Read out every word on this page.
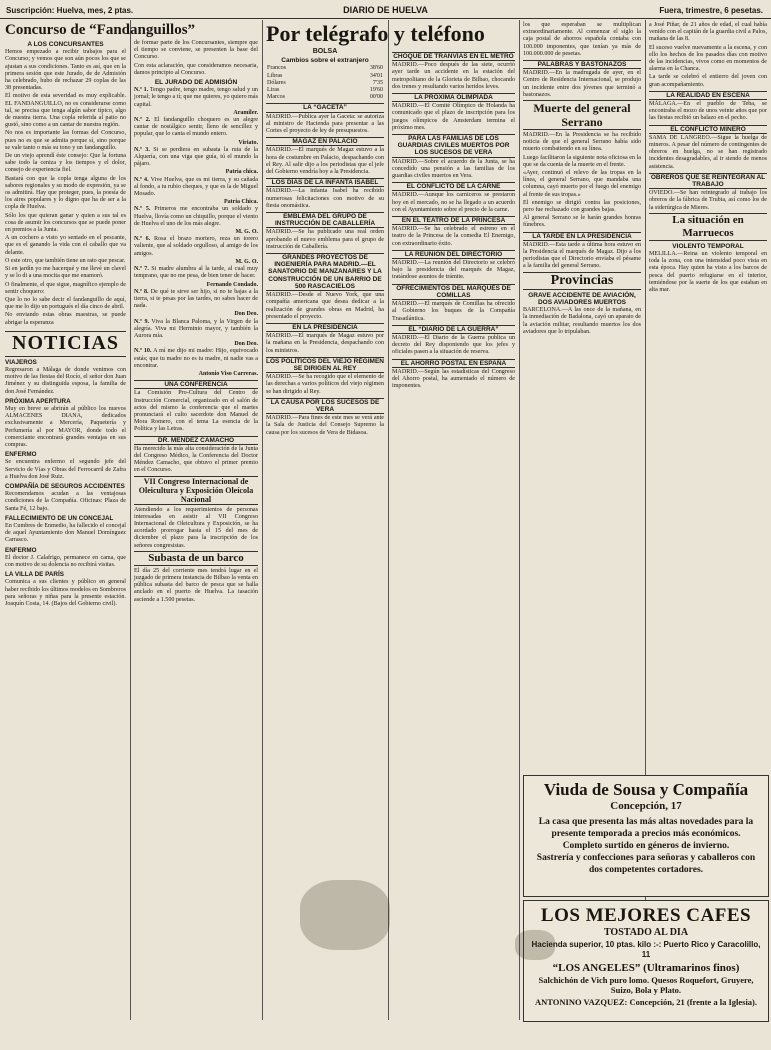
Suscripción: Huelva, mes, 2 ptas.	DIARIO DE HUELVA	Fuera, trimestre, 6 pesetas.
Concurso de “Fandanguillos”
A LOS CONCURSANTES

Hemos empezado a recibir trabajos para el Concurso; y vemos que son aún pocos los que se ajustan a sus condiciones. Tanto es así, que en la primera sesión que este Jurado, de de Admisión ha celebrado, hubo de rechazar 29 coplas de las 38 presentadas.

El motivo de esta severidad es muy explicable. EL FANDANGUILLO, no es considerarse como tal, se precisa que tenga algún sabor típico, algo de nuestra tierra. Una copla referida al patio no gustó, sino como a un cantar de nuestra región.

No nos es importante las formas del Concurso, pues no es que se admita porque sí, sino porque se vale tanto o más su tono y un fandanguillo.

De un viejo aprendí éste consejo: Que la fortuna sabe todo la ceniza y los tiempos y el dolor, consejo de experiencia fiel.

Bastará con que la copla tenga alguna de los sabores regionales y su modo de expresión, ya se os admitirá. Hay que proteger, pues, la poesía de los aires populares y lo digno que ha de ser a la copla de Huelva.

Sólo los que quieran ganar y quien a sus tal es cosa de asumir los concursos que se puede poner en premios a la Junta.

A un cochero a visto yo sentado en el pescante, que es el ganando la vida con el caballo que va delante.

O este otro, que también tiene un rato que pescar.

Si en jardín yo me hacerqué y me llevé un clavel y se lo di a una mocita que me enamoró.

O finalmente, el que sigue, magnífico ejemplo de sentir choquero:

Que lo no lo sabe decir el fandanguillo de aquí, que me lo dijo un portugués el día cinco de abril.

No enviando estas obras maestras, se puede abrigar la esperanza

NOTICIAS
VIAJEROS

Regresaron a Málaga de donde venimos con motivo de las fiestas del Rocío, el señor don Juan Jiménez y su distinguida esposa, la familia de don José Fernández.

PRÓXIMA APERTURA

Muy en breve se abrirán al público los nuevos ALMACENES DIANA, dedicados exclusivamente a Mercería, Paquetería y Perfumería al por MAYOR, donde todo el comerciante encontrará grandes ventajas en sus compras.

ENFERMO

Se encuentra enfermo el segundo jefe del Servicio de Vías y Obras del Ferrocarril de Zafra a Huelva don José Ruiz.

COMPAÑÍA DE SEGUROS ACCIDENTES

Recomendamos acudan a las ventajosas condiciones de la Compañía. Oficinas: Plaza de Santa Fé, 12 bajo.

FALLECIMIENTO DE UN CONCEJAL

En Cumbres de Enmedio, ha fallecido el concejal de aquel Ayuntamiento don Manuel Domínguez Carrasco.

ENFERMO

El doctor J. Calafrigo, permanece en cama, que con motivo de su dolencia no recibirá visitas.

LA VILLA DE PARÍS

Comunica a sus clientes y público en general haber recibido los últimos modelos en Sombreros para señoras y niñas para la presente estación. Joaquín Costa, 14. (Bajos del Gobierno civil).

de formar parte de los Concursantes, siempre que el tiempo se conviene, se presenten la base del Concurso.

Con esta aclaración, que consideramos necesaria, damos principio al Concurso.

EL JURADO DE ADMISIÓN

N.º 1. Tengo padre, tengo madre, tengo salud y un jornal; le tengo a tí; que me quieres, yo quiero más capital.

Aramiler.

N.º 2. El fandanguillo choquero es un alegre cantar de nostálgico sentir, lleno de sencillez y popular, que lo canta el mundo entero.

Viriato.

N.º 3. Si se perdiera en subasta la ruta de la Alquería, con una viga que guía, tú el mundo la pájaro.

Patria chica.

N.º 4. Vive Huelva, que es mi tierra, y su cañada al fondo, a tu rubio cheques, y que es la de Miguel Mosado.

Patria Chica.

N.º 5. Primeros me encontraba un soldado y Huelva, llovía como un chiquillo, porque el viento de Huelva el uno de los más alegre.

M. G. O.

N.º 6. Rosa el brazo mortero, reza un torero valiente, que al soldado orgulloso, al amigo de los amigos.

M. G. O.

N.º 7. Si madre alumbra al la tarde, al cual muy temprano, que no me pesa, de bien tener de hacer.

Fernando Condado.

N.º 8. De qué te sirve ser hijo, si no te bajas a la tierra, si te pesas por las tardes, no sabes hacer de nada.

Don Deo.

N.º 9. Viva la Blanca Paloma, y la Virgen de la alegría. Viva mi Herminio mayor, y también la Aurora mía.

Don Deo.

N.º 10. A mí me dijo mi madre: Hijo, equivocado estás; que tu madre no es tu madre, ni nadie vas a encontrar.

Antonio Viso Carreras.
UNA CONFERENCIA

La Comisión Pro-Cultura del Centro de Instrucción Comercial, organizado en el salón de actos del mismo la conferencia que el martes pronunciará el culto sacerdote don Manuel de Mora Romero, con el tema La esencia de la Política y las Letras.

DR. MENDEZ CAMACHO

Ha merecido la más alta consideración de la Junta del Congreso Médico, la Conferencia del Doctor Méndez Camacho, que obtuvo el primer premio en el Concurso.

VII Congreso Internacional de Oleicultura y Exposición Oleícola Nacional

Atendiendo a los requerimientos de personas interesadas en asistir al VII Congreso Internacional de Oleicultura y Exposición, se ha acordado prorrogar hasta el 15 del mes de diciembre el plazo para la inscripción de los señores congresistas.

Subasta de un barco

El día 25 del corriente mes tendrá lugar en el juzgado de primera instancia de Bilbao la venta en pública subasta del barco de pesca que se halla anclado en el puerto de Huelva. La tasación asciende a 1.500 pesetas.

Por telégrafo y teléfono
BOLSA
Cambios sobre el extranjero
Francos	38'60
Libras	34'01
Dólares	7'35
Liras	19'60
Marcos	00'00
LA “GACETA”

MADRID.—Publica ayer la Gaceta: se autoriza al ministro de Hacienda para presentar a las Cortes el proyecto de ley de presupuestos.

MAGAZ EN PALACIO

MADRID.—El marqués de Magaz estuvo a la hora de costumbre en Palacio, despachando con el Rey. Al salir dijo a los periodistas que el jefe del Gobierno vendría hoy a la Presidencia.

LOS DÍAS DE LA INFANTA ISABEL

MADRID.—La infanta Isabel ha recibido numerosas felicitaciones con motivo de su fiesta onomástica.

EMBLEMA DEL GRUPO DE INSTRUCCIÓN DE CABALLERÍA

MADRID.—Se ha publicado una real orden aprobando el nuevo emblema para el grupo de instrucción de Caballería.

GRANDES PROYECTOS DE INGENIERÍA PARA MADRID.—EL SANATORIO DE MANZANARES Y LA CONSTRUCCIÓN DE UN BARRIO DE 500 RASCACIELOS

MADRID.—Desde el Nuevo York, que una compañía americana que desea dedicar a la realización de grandes obras en Madrid, ha presentado el proyecto.

EN LA PRESIDENCIA

MADRID.—El marqués de Magaz estuvo por la mañana en la Presidencia, despachando con los ministros.

LOS POLÍTICOS DEL VIEJO RÉGIMEN SE DIRIGEN AL REY

MADRID.—Se ha recogido que el elemento de las derechas a varios políticos del viejo régimen se han dirigido al Rey.

LA CAUSA POR LOS SUCESOS DE VERA

MADRID.—Para fines de este mes se verá ante la Sala de Justicia del Consejo Supremo la causa por los sucesos de Vera de Bidasoa.

CHOQUE DE TRANVÍAS EN EL METRO

MADRID.—Poco después de las siete, ocurrió ayer tarde un accidente en la estación del metropolitano de la Glorieta de Bilbao, chocando dos trenes y resultando varios heridos leves.

LA PRÓXIMA OLIMPÍADA

MADRID.—El Comité Olímpico de Holanda ha comunicado que el plazo de inscripción para los juegos olímpicos de Amsterdam termina el próximo mes.

PARA LAS FAMILIAS DE LOS GUARDIAS CIVILES MUERTOS POR LOS SUCESOS DE VERA

MADRID.—Sobre el acuerdo de la Junta, se ha concedido una pensión a las familias de los guardias civiles muertos en Vera.

EL CONFLICTO DE LA CARNE

MADRID.—Aunque los carniceros se prestaron hoy en el mercado, no se ha llegado a un acuerdo con el Ayuntamiento sobre el precio de la carne.

EN EL TEATRO DE LA PRINCESA

MADRID.—Se ha celebrado el estreno en el teatro de la Princesa de la comedia El Enemigo, con extraordinario éxito.

LA REUNIÓN DEL DIRECTORIO

MADRID.—La reunión del Directorio se celebró bajo la presidencia del marqués de Magaz, tratándose asuntos de trámite.

OFRECIMIENTOS DEL MARQUÉS DE COMILLAS

MADRID.—El marqués de Comillas ha ofrecido al Gobierno los buques de la Compañía Trasatlántica.

EL “DIARIO DE LA GUERRA”

MADRID.—El Diario de la Guerra publica un decreto del Rey disponiendo que los jefes y oficiales pasen a la situación de reserva.

EL AHORRO POSTAL EN ESPAÑA

MADRID.—Según las estadísticas del Congreso del Ahorro postal, ha aumentado el número de imponentes.

los que esperaban se multiplican extraordinariamente. Al comenzar el siglo la caja postal de ahorros española contaba con 100.000 imponentes, que tenían ya más de 100.000.000 de pesetas.

PALABRAS Y BASTONAZOS

MADRID.—En la madrugada de ayer, en el Centro de Residencia Internacional, se produjo un incidente entre dos jóvenes que terminó a bastonazos.

Muerte del general Serrano

MADRID.—En la Presidencia se ha recibido noticia de que el general Serrano había sido muerto combatiendo en su línea.

Luego facilitaron la siguiente nota oficiosa en la que se da cuenta de la muerte en el frente.

«Ayer, continuó el relevo de las tropas en la línea, el general Serrano, que mandaba una columna, cayó muerto por el fuego del enemigo al frente de sus tropas.»

El enemigo se dirigió contra las posiciones, pero fue rechazado con grandes bajas.

Al general Serrano se le harán grandes honras fúnebres.

LA TARDE EN LA PRESIDENCIA

MADRID.—Esta tarde a última hora estuvo en la Presidencia el marqués de Magaz. Dijo a los periodistas que el Directorio enviaba el pésame a la familia del general Serrano.

Provincias
GRAVE ACCIDENTE DE AVIACIÓN, DOS AVIADORES MUERTOS

BARCELONA.—A las once de la mañana, en la inmediación de Badalona, cayó un aparato de la aviación militar, resultando muertos los dos aviadores que lo tripulaban.

a José Piñar, de 21 años de edad, el cual había venido con el capitán de la guardia civil a Palos, mañana de las 8.

El suceso vuelve nuevamente a la escena, y con ello los hechos de los pasados días con motivo de las incidencias, vivos como en momentos de alarma en la Chanca.

La tarde se celebró el entierro del joven con gran acompañamiento.

LA REALIDAD EN ESCENA

MÁLAGA.—En el pueblo de Teba, se encontraba el mozo de unos veinte años que por las fiestas recibió un balazo en el pecho.

EL CONFLICTO MINERO

SAMA DE LANGREO.—Sigue la huelga de mineros. A pesar del número de contingentes de obreros en huelga, no se han registrado incidentes desagradables, al ir siendo de menos asistencia.

OBREROS QUE SE REINTEGRAN AL TRABAJO

OVIEDO.—Se han reintegrado al trabajo los obreros de la fábrica de Trubia, así como los de la siderúrgica de Mieres.

La situación en Marruecos
VIOLENTO TEMPORAL

MELILLA.—Reina un violento temporal en toda la zona, con una intensidad poco vista en esta época. Hay quien ha visto a los barcos de pesca del puerto refugiarse en el interior, temiéndose por la suerte de los que estaban en alta mar.

Viuda de Sousa y Compañía
Concepción, 17
La casa que presenta las más altas novedades para la presente temporada a precios más económicos.
Completo surtido en géneros de invierno.
Sastrería y confecciones para señoras y caballeros con dos competentes cortadores.
LOS MEJORES CAFES
TOSTADO AL DIA
Hacienda superior, 10 ptas. kilo :-: Puerto Rico y Caracolillo, 11
“LOS ANGELES” (Ultramarinos finos)
Salchichón de Vich puro lomo. Quesos Roquefort, Gruyere, Suizo, Bola y Plato.
ANTONINO VAZQUEZ: Concepción, 21 (frente a la Iglesia).
